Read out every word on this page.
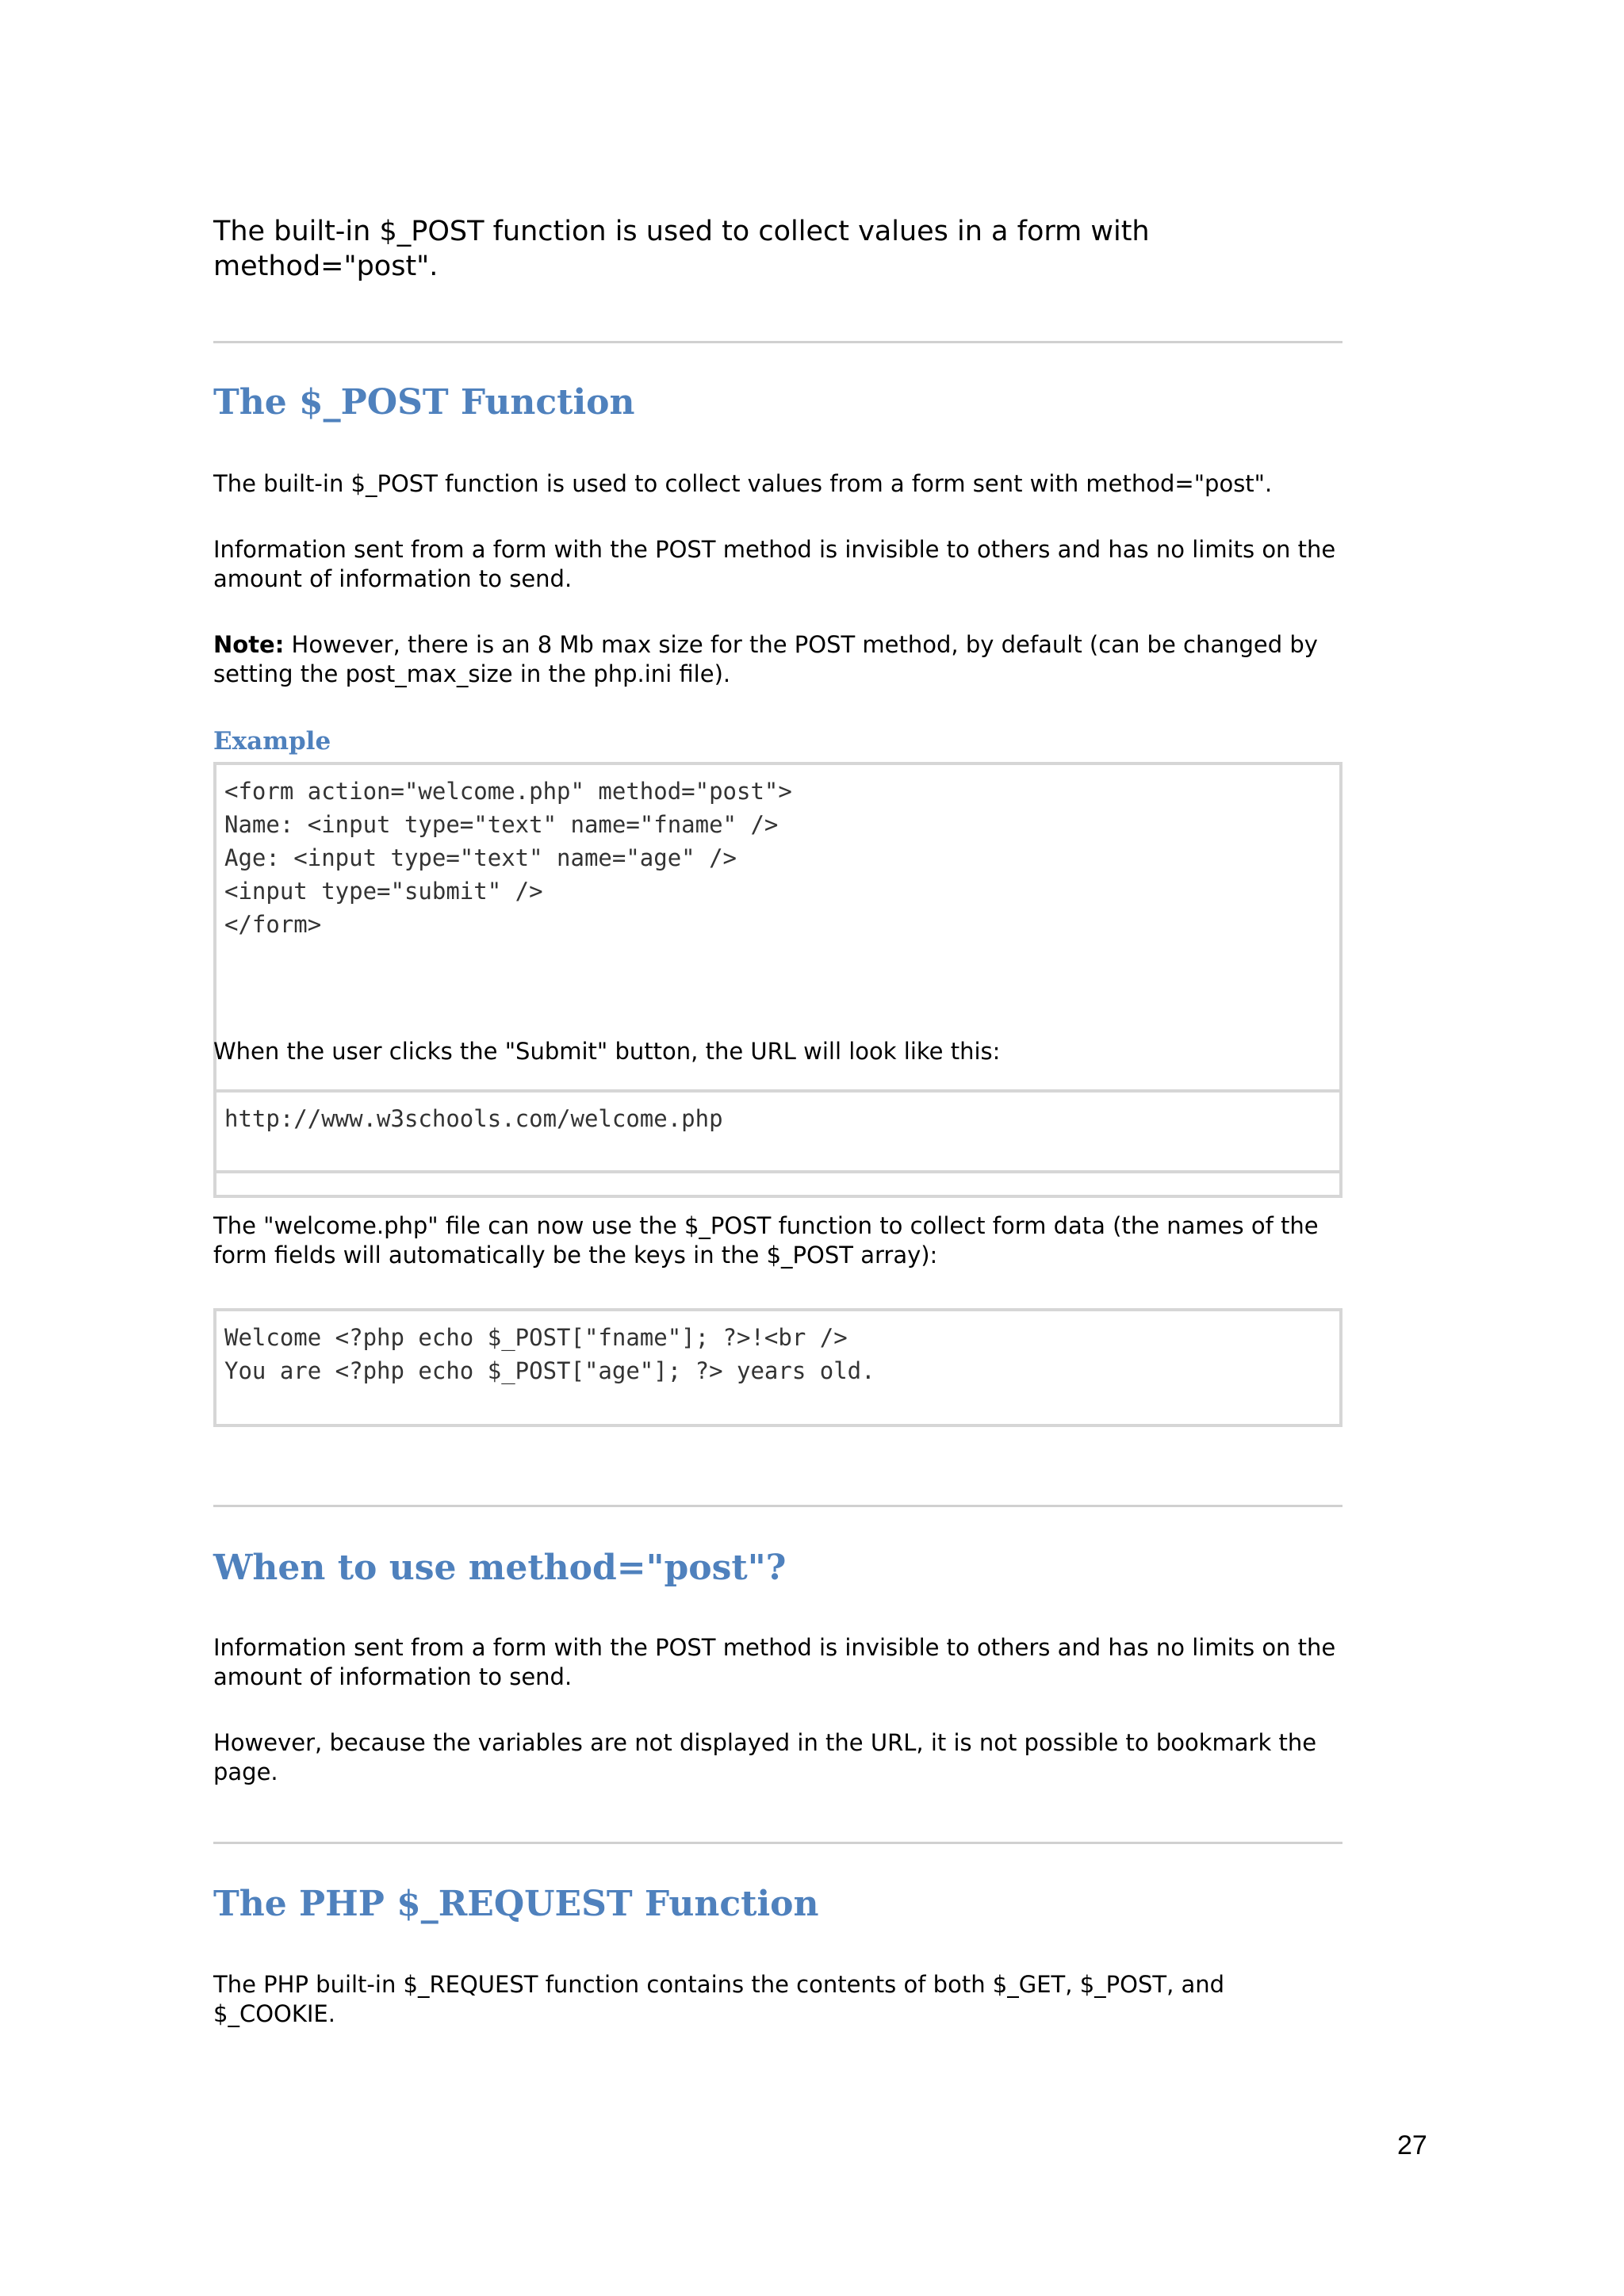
The built-in $_POST function is used to collect values in a form with method="post".

The $_POST Function

The built-in $_POST function is used to collect values from a form sent with method="post".

Information sent from a form with the POST method is invisible to others and has no limits on the amount of information to send.

Note: However, there is an 8 Mb max size for the POST method, by default (can be changed by setting the post_max_size in the php.ini file).

Example
<form action="welcome.php" method="post">
Name: <input type="text" name="fname" />
Age: <input type="text" name="age" />
<input type="submit" />
</form>

When the user clicks the "Submit" button, the URL will look like this:

http://www.w3schools.com/welcome.php

The "welcome.php" file can now use the $_POST function to collect form data (the names of the form fields will automatically be the keys in the $_POST array):

Welcome <?php echo $_POST["fname"]; ?>!<br />
You are <?php echo $_POST["age"]; ?> years old.
When to use method="post"?

Information sent from a form with the POST method is invisible to others and has no limits on the amount of information to send.

However, because the variables are not displayed in the URL, it is not possible to bookmark the page.

The PHP $_REQUEST Function

The PHP built-in $_REQUEST function contains the contents of both $_GET, $_POST, and $_COOKIE.

27
